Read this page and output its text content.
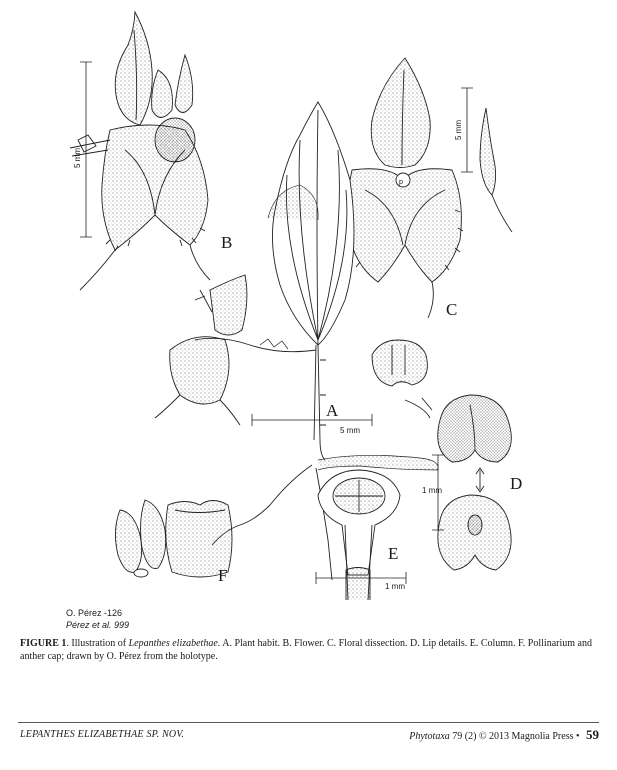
p
B
C
A
D
E
F
5 mm
5 mm
5 mm
1 mm
1 mm
O. Pérez -126
Pérez et al. 999
FIGURE 1. Illustration of Lepanthes elizabethae. A. Plant habit. B. Flower. C. Floral dissection. D. Lip details. E. Column. F. Pollinarium and anther cap; drawn by O. Pérez from the holotype.
LEPANTHES ELIZABETHAE SP. NOV.	Phytotaxa 79 (2) © 2013 Magnolia Press • 59
